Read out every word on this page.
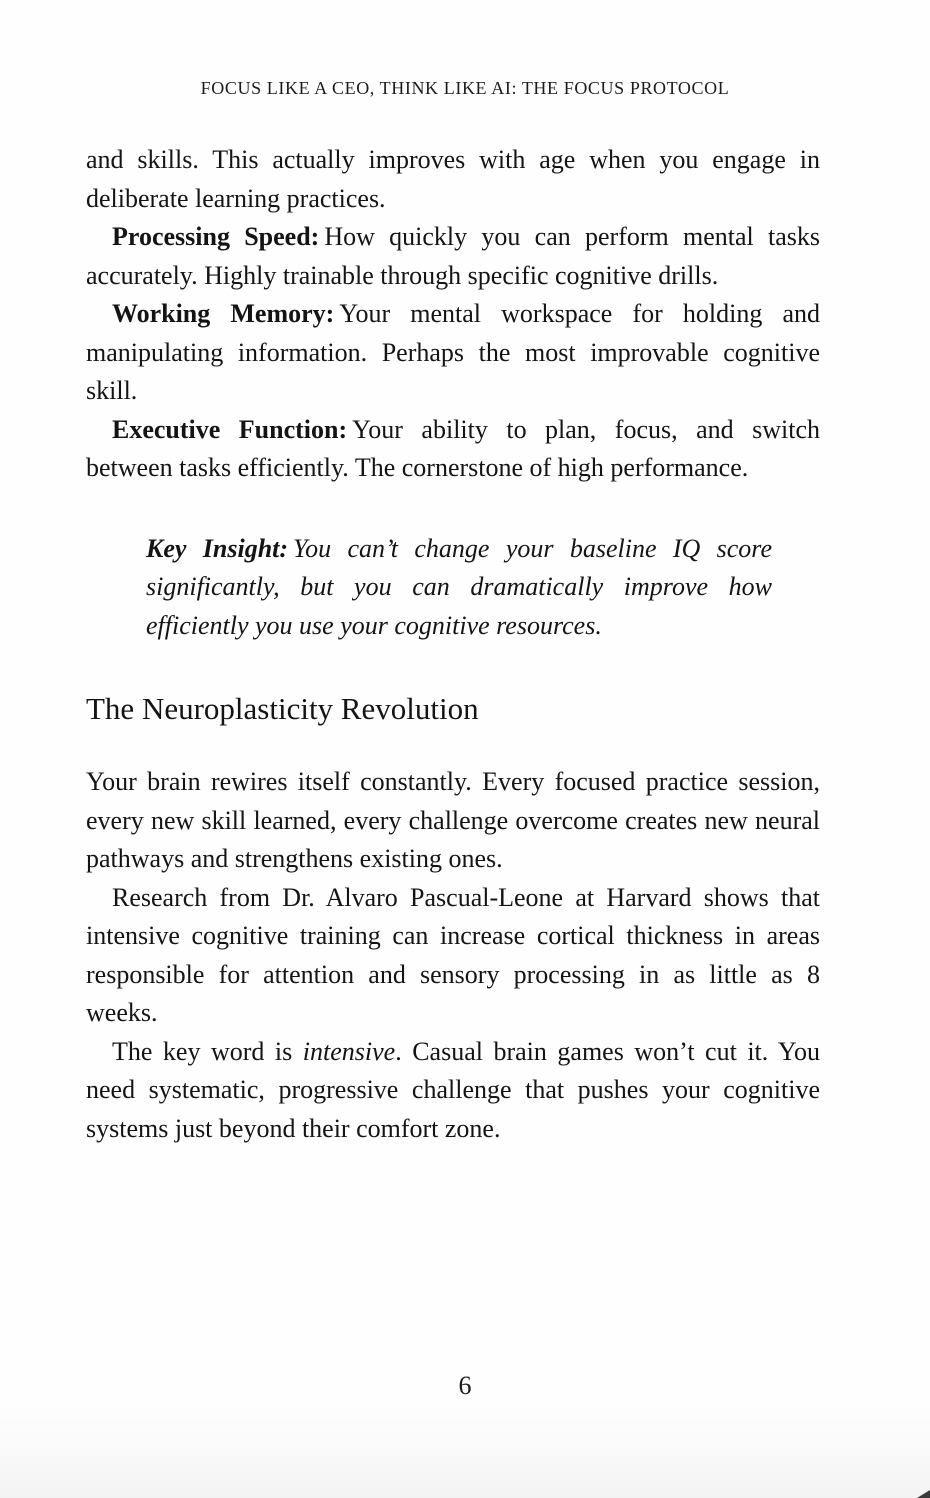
FOCUS LIKE A CEO, THINK LIKE AI: THE FOCUS PROTOCOL

and skills. This actually improves with age when you engage in deliberate learning practices.

Processing Speed: How quickly you can perform mental tasks accurately. Highly trainable through specific cognitive drills.

Working Memory: Your mental workspace for holding and manipulating information. Perhaps the most improvable cognitive skill.

Executive Function: Your ability to plan, focus, and switch between tasks efficiently. The cornerstone of high performance.

Key Insight: You can’t change your baseline IQ score significantly, but you can dramatically improve how efficiently you use your cognitive resources.
The Neuroplasticity Revolution

Your brain rewires itself constantly. Every focused practice session, every new skill learned, every challenge overcome creates new neural pathways and strengthens existing ones.

Research from Dr. Alvaro Pascual-Leone at Harvard shows that intensive cognitive training can increase cortical thickness in areas responsible for attention and sensory processing in as little as 8 weeks.

The key word is intensive. Casual brain games won’t cut it. You need systematic, progressive challenge that pushes your cognitive systems just beyond their comfort zone.

6
